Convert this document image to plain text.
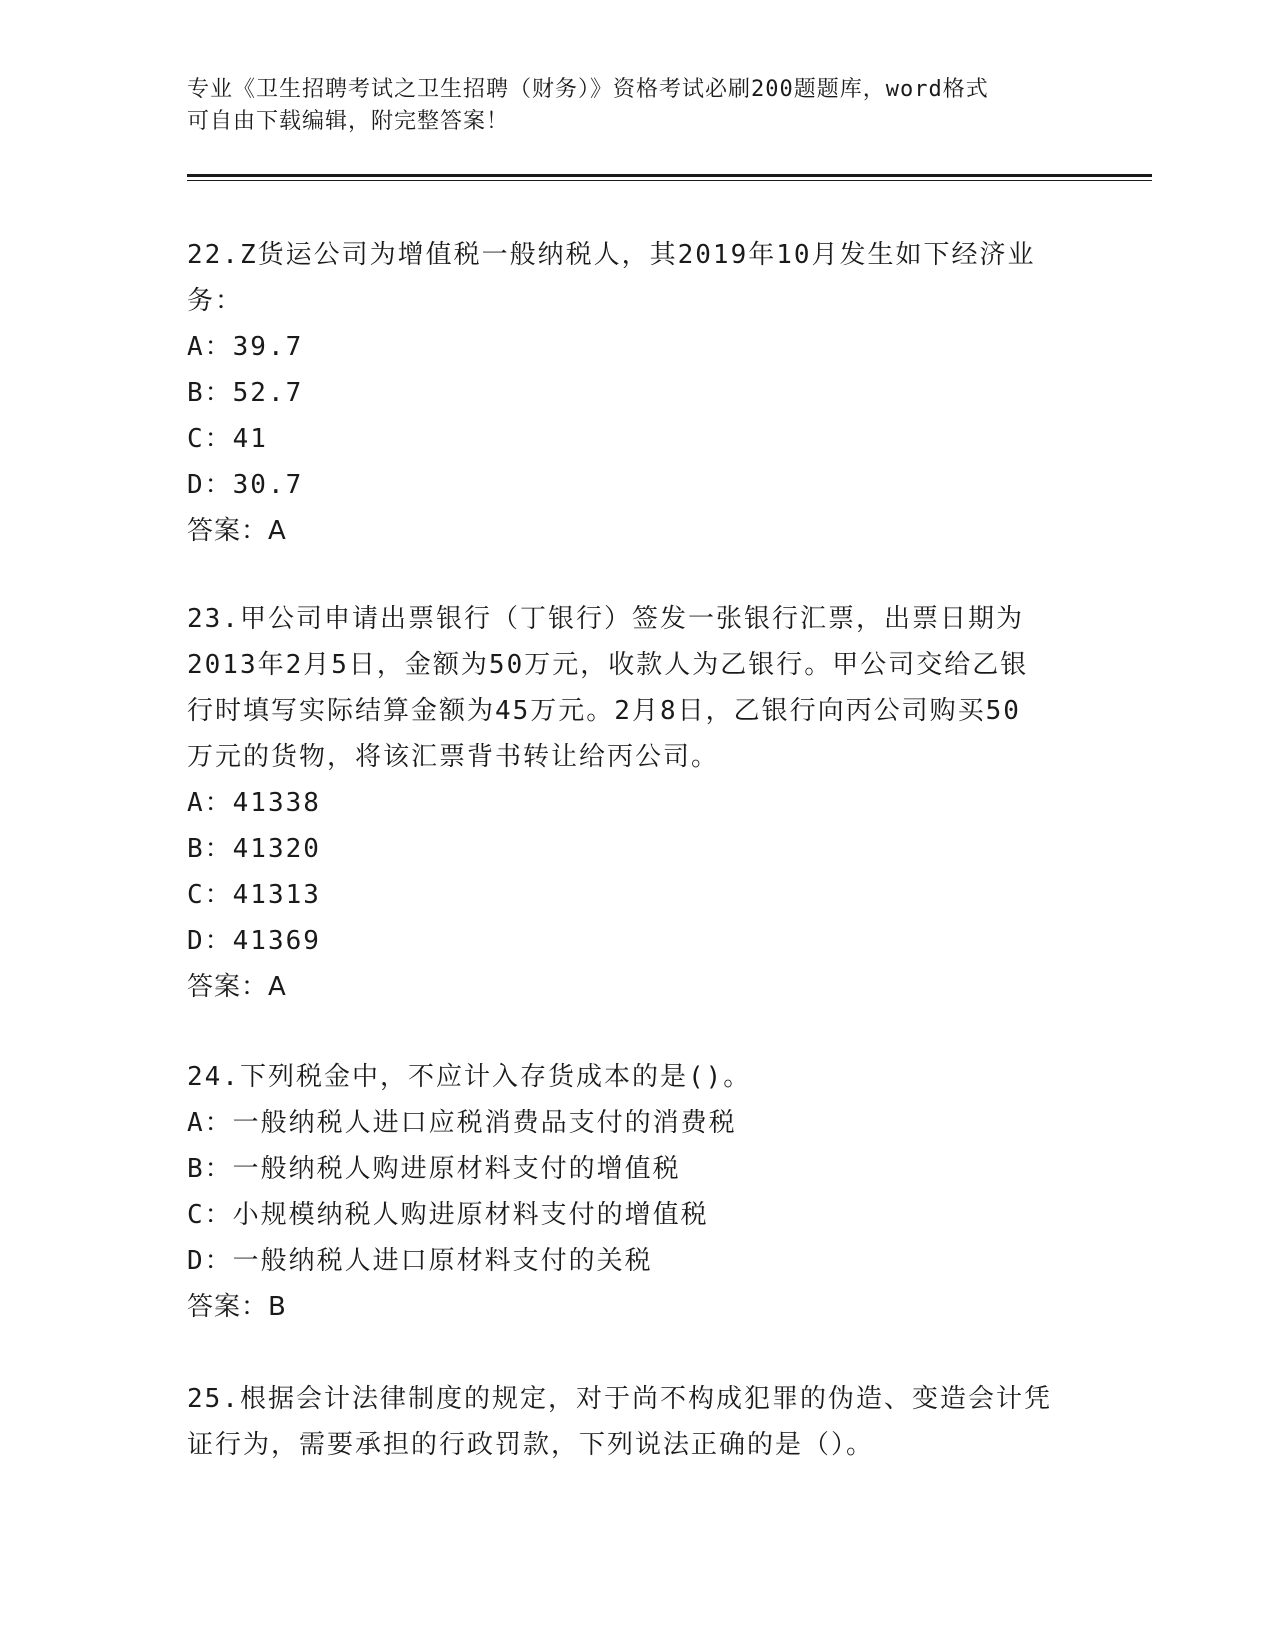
专业《卫生招聘考试之卫生招聘（财务）》资格考试必刷200题题库，word格式
可自由下载编辑，附完整答案！

22.Z货运公司为增值税一般纳税人，其2019年10月发生如下经济业

务：

A：39.7

B：52.7

C：41

D：30.7

答案：A

23.甲公司申请出票银行（丁银行）签发一张银行汇票，出票日期为

2013年2月5日，金额为50万元，收款人为乙银行。甲公司交给乙银

行时填写实际结算金额为45万元。2月8日，乙银行向丙公司购买50

万元的货物，将该汇票背书转让给丙公司。

A：41338

B：41320

C：41313

D：41369

答案：A

24.下列税金中，不应计入存货成本的是()。

A：一般纳税人进口应税消费品支付的消费税

B：一般纳税人购进原材料支付的增值税

C：小规模纳税人购进原材料支付的增值税

D：一般纳税人进口原材料支付的关税

答案：B

25.根据会计法律制度的规定，对于尚不构成犯罪的伪造、变造会计凭

证行为，需要承担的行政罚款，下列说法正确的是（）。
